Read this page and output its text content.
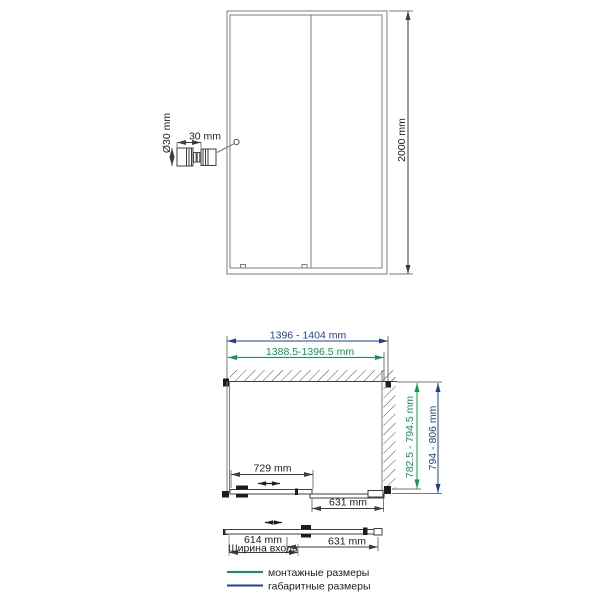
2000 mm
Ø30 mm 30 mm
1396 - 1404 mm
1388.5-1396.5 mm
782.5 - 794.5 mm 794 - 806 mm
729 mm
631 mm
614 mm
Ширина входа
631 mm
монтажные размеры
габаритные размеры
